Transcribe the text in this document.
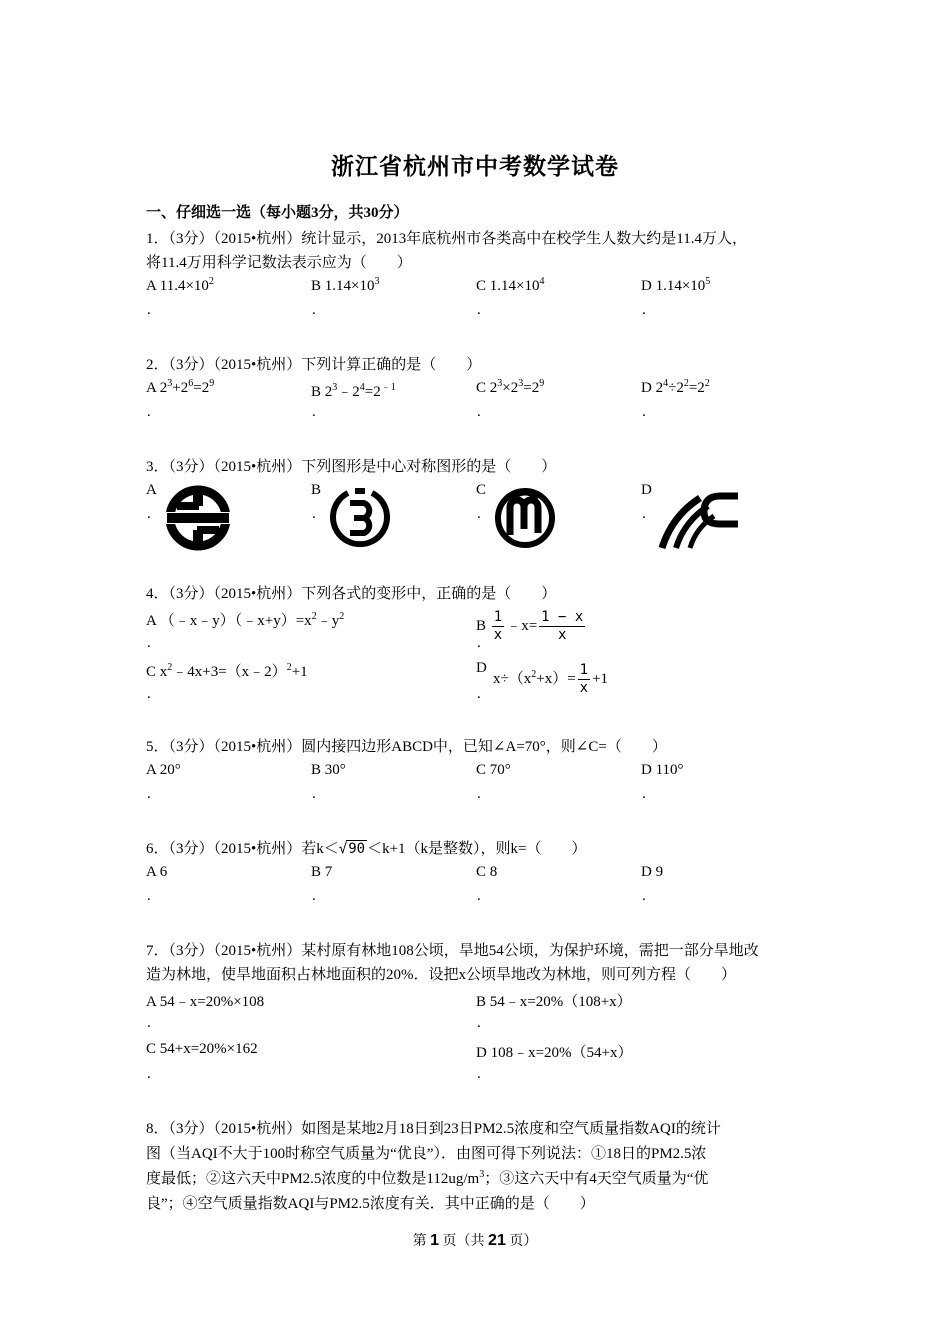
浙江省杭州市中考数学试卷
一、仔细选一选（每小题3分，共30分）
1．（3分）（2015•杭州）统计显示，2013年底杭州市各类高中在校学生人数大约是11.4万人，
将11.4万用科学记数法表示应为（　　）
A $11.4\times 10^2$	B $1.14\times 10^3$	C $1.14\times 10^4$	D $1.14\times 10^5$
.	.	.	.
2．（3分）（2015•杭州）下列计算正确的是（　　）
A $2^3+2^6=2^9$
B $2^3﹣2^4=2^{﹣1}$	C $2^3\times 2^3=2^9$	D $2^4\div 2^2=2^2$
.	.	.	.
3．（3分）（2015•杭州）下列图形是中心对称图形的是（　　）
A	B	C	D
.	.	.	.
4．（3分）（2015•杭州）下列各式的变形中，正确的是（　　）
A $(﹣x﹣y)(﹣x+y)=x^2﹣y^2$
.
B $\frac{1}{x}$ ﹣x= $\frac{1 - x}{x}$
.
C $x^2﹣4x+3=(x﹣2)^2+1$
.
D
$x\div(x^2+x)= \frac{1}{x} +1$
.
5．（3分）（2015•杭州）圆内接四边形ABCD中，已知∠A=70°，则∠C=（　　）
A 20°	B 30°	C 70°	D 110°
.	.	.	.
6．（3分）（2015•杭州）若k＜√90 ＜k+1（k是整数），则k=（　　）
A 6	B 7	C 8	D 9
.	.	.	.
7．（3分）（2015•杭州）某村原有林地108公顷，旱地54公顷，为保护环境，需把一部分旱地改
造为林地，使旱地面积占林地面积的20%．设把x公顷旱地改为林地，则可列方程（　　）
A 54﹣x=20%×108	B 54﹣x=20%（108+x）
.	.
C 54+x=20%×162	D 108﹣x=20%（54+x）
.	.
8．（3分）（2015•杭州）如图是某地2月18日到23日PM2.5浓度和空气质量指数AQI的统计
图（当AQI不大于100时称空气质量为“优良”）．由图可得下列说法：①18日的PM2.5浓
度最低；②这六天中PM2.5浓度的中位数是$112ug/m^3$；③这六天中有4天空气质量为“优
良”；④空气质量指数AQI与PM2.5浓度有关．其中正确的是（　　）
第 1 页（共 21 页）
